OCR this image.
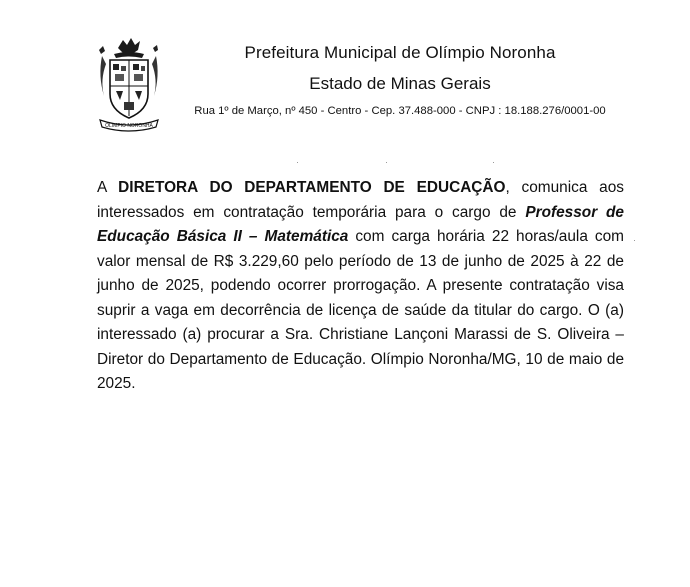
OLIMPIO NORONHA
Prefeitura Municipal de Olímpio Noronha
Estado de Minas Gerais
Rua 1º de Março, nº 450 - Centro - Cep. 37.488-000 - CNPJ : 18.188.276/0001-00

A DIRETORA DO DEPARTAMENTO DE EDUCAÇÃO, comunica aos interessados em contratação temporária para o cargo de Professor de Educação Básica II – Matemática com carga horária 22 horas/aula com valor mensal de R$ 3.229,60 pelo período de 13 de junho de 2025 à 22 de junho de 2025, podendo ocorrer prorrogação. A presente contratação visa suprir a vaga em decorrência de licença de saúde da titular do cargo. O (a) interessado (a) procurar a Sra. Christiane Lançoni Marassi de S. Oliveira – Diretor do Departamento de Educação. Olímpio Noronha/MG, 10 de maio de 2025.
